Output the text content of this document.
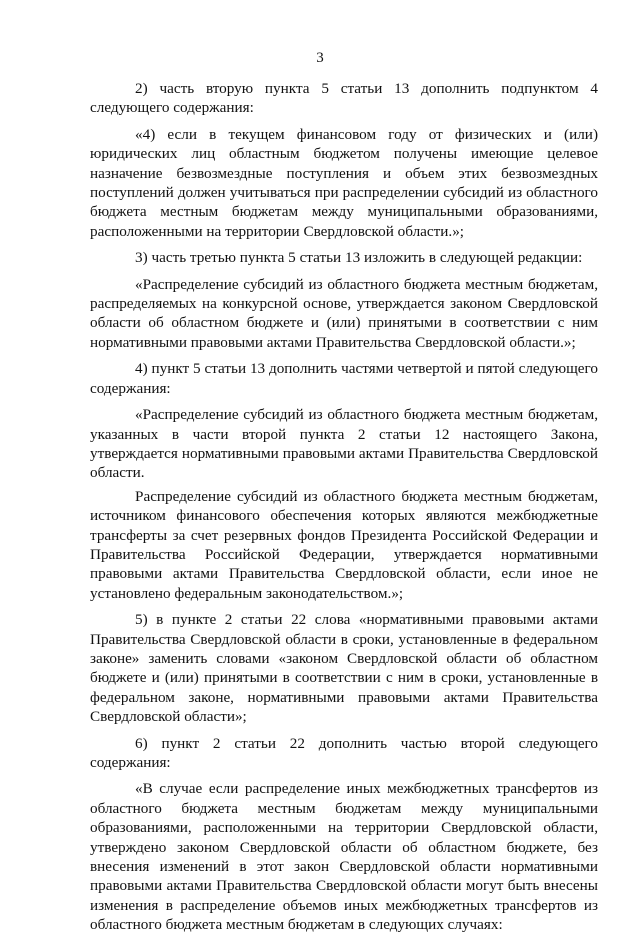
3

2) часть вторую пункта 5 статьи 13 дополнить подпунктом 4 следующего содержания:

«4) если в текущем финансовом году от физических и (или) юридических лиц областным бюджетом получены имеющие целевое назначение безвозмездные поступления и объем этих безвозмездных поступлений должен учитываться при распределении субсидий из областного бюджета местным бюджетам между муниципальными образованиями, расположенными на территории Свердловской области.»;

3) часть третью пункта 5 статьи 13 изложить в следующей редакции:

«Распределение субсидий из областного бюджета местным бюджетам, распределяемых на конкурсной основе, утверждается законом Свердловской области об областном бюджете и (или) принятыми в соответствии с ним нормативными правовыми актами Правительства Свердловской области.»;

4) пункт 5 статьи 13 дополнить частями четвертой и пятой следующего содержания:

«Распределение субсидий из областного бюджета местным бюджетам, указанных в части второй пункта 2 статьи 12 настоящего Закона, утверждается нормативными правовыми актами Правительства Свердловской области.

Распределение субсидий из областного бюджета местным бюджетам, источником финансового обеспечения которых являются межбюджетные трансферты за счет резервных фондов Президента Российской Федерации и Правительства Российской Федерации, утверждается нормативными правовыми актами Правительства Свердловской области, если иное не установлено федеральным законодательством.»;

5) в пункте 2 статьи 22 слова «нормативными правовыми актами Правительства Свердловской области в сроки, установленные в федеральном законе» заменить словами «законом Свердловской области об областном бюджете и (или) принятыми в соответствии с ним в сроки, установленные в федеральном законе, нормативными правовыми актами Правительства Свердловской области»;

6) пункт 2 статьи 22 дополнить частью второй следующего содержания:

«В случае если распределение иных межбюджетных трансфертов из областного бюджета местным бюджетам между муниципальными образованиями, расположенными на территории Свердловской области, утверждено законом Свердловской области об областном бюджете, без внесения изменений в этот закон Свердловской области нормативными правовыми актами Правительства Свердловской области могут быть внесены изменения в распределение объемов иных межбюджетных трансфертов из областного бюджета местным бюджетам в следующих случаях:
